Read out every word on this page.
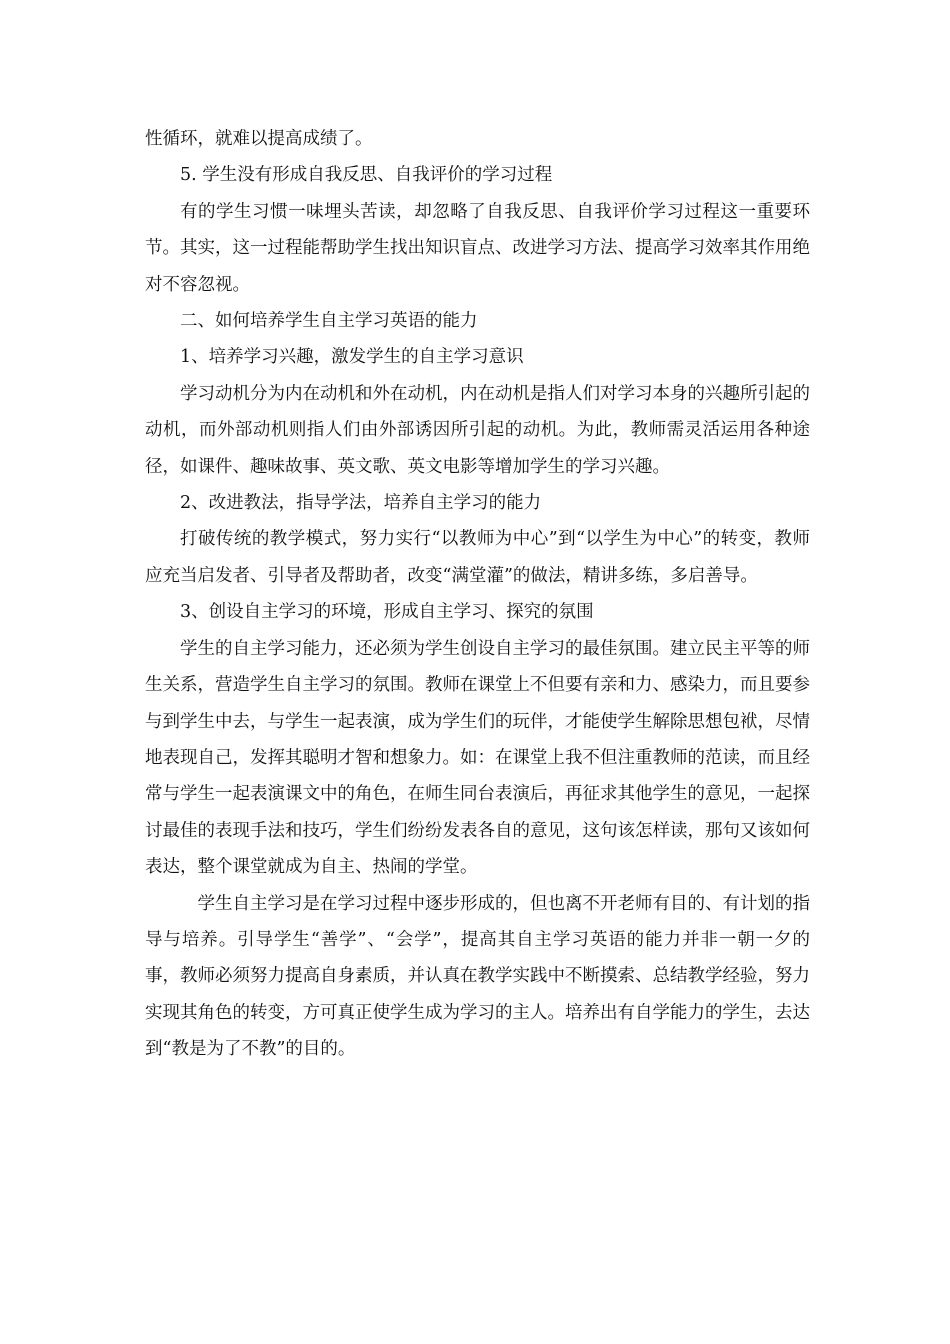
性循环，就难以提高成绩了。

5. 学生没有形成自我反思、自我评价的学习过程

有的学生习惯一味埋头苦读，却忽略了自我反思、自我评价学习过程这一重要环节。其实，这一过程能帮助学生找出知识盲点、改进学习方法、提高学习效率其作用绝对不容忽视。

二、如何培养学生自主学习英语的能力

1、培养学习兴趣，激发学生的自主学习意识

学习动机分为内在动机和外在动机，内在动机是指人们对学习本身的兴趣所引起的动机，而外部动机则指人们由外部诱因所引起的动机。为此，教师需灵活运用各种途径，如课件、趣味故事、英文歌、英文电影等增加学生的学习兴趣。

2、改进教法，指导学法，培养自主学习的能力

打破传统的教学模式，努力实行“以教师为中心”到“以学生为中心”的转变，教师应充当启发者、引导者及帮助者，改变“满堂灌”的做法，精讲多练，多启善导。

3、创设自主学习的环境，形成自主学习、探究的氛围

学生的自主学习能力，还必须为学生创设自主学习的最佳氛围。建立民主平等的师生关系，营造学生自主学习的氛围。教师在课堂上不但要有亲和力、感染力，而且要参与到学生中去，与学生一起表演，成为学生们的玩伴，才能使学生解除思想包袱，尽情地表现自己，发挥其聪明才智和想象力。如：在课堂上我不但注重教师的范读，而且经常与学生一起表演课文中的角色，在师生同台表演后，再征求其他学生的意见，一起探讨最佳的表现手法和技巧，学生们纷纷发表各自的意见，这句该怎样读，那句又该如何表达，整个课堂就成为自主、热闹的学堂。

学生自主学习是在学习过程中逐步形成的，但也离不开老师有目的、有计划的指导与培养。引导学生“善学”、“会学”，提高其自主学习英语的能力并非一朝一夕的事，教师必须努力提高自身素质，并认真在教学实践中不断摸索、总结教学经验，努力实现其角色的转变，方可真正使学生成为学习的主人。培养出有自学能力的学生，去达到“教是为了不教”的目的。
